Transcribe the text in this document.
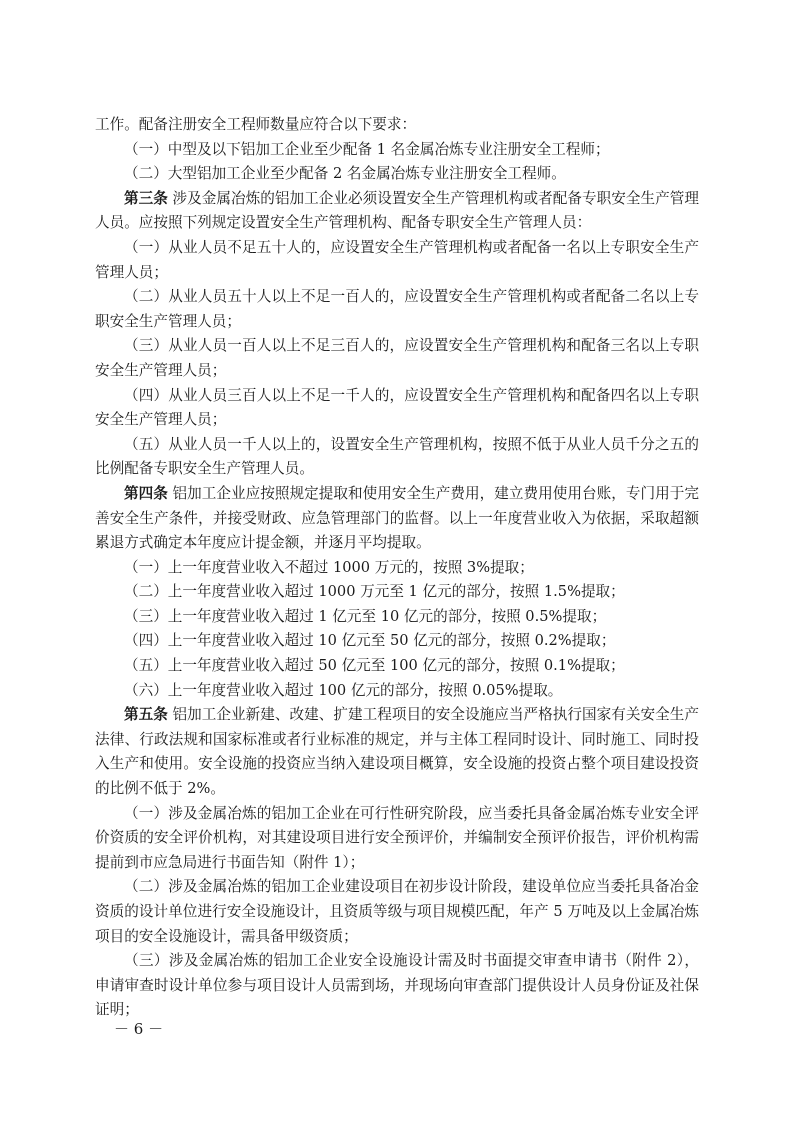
工作。配备注册安全工程师数量应符合以下要求：

（一）中型及以下铝加工企业至少配备 1 名金属冶炼专业注册安全工程师；

（二）大型铝加工企业至少配备 2 名金属冶炼专业注册安全工程师。

第三条 涉及金属冶炼的铝加工企业必须设置安全生产管理机构或者配备专职安全生产管理人员。应按照下列规定设置安全生产管理机构、配备专职安全生产管理人员：

（一）从业人员不足五十人的，应设置安全生产管理机构或者配备一名以上专职安全生产管理人员；

（二）从业人员五十人以上不足一百人的，应设置安全生产管理机构或者配备二名以上专职安全生产管理人员；

（三）从业人员一百人以上不足三百人的，应设置安全生产管理机构和配备三名以上专职安全生产管理人员；

（四）从业人员三百人以上不足一千人的，应设置安全生产管理机构和配备四名以上专职安全生产管理人员；

（五）从业人员一千人以上的，设置安全生产管理机构，按照不低于从业人员千分之五的比例配备专职安全生产管理人员。

第四条 铝加工企业应按照规定提取和使用安全生产费用，建立费用使用台账，专门用于完善安全生产条件，并接受财政、应急管理部门的监督。以上一年度营业收入为依据，采取超额累退方式确定本年度应计提金额，并逐月平均提取。

（一）上一年度营业收入不超过 1000 万元的，按照 3%提取；

（二）上一年度营业收入超过 1000 万元至 1 亿元的部分，按照 1.5%提取；

（三）上一年度营业收入超过 1 亿元至 10 亿元的部分，按照 0.5%提取；

（四）上一年度营业收入超过 10 亿元至 50 亿元的部分，按照 0.2%提取；

（五）上一年度营业收入超过 50 亿元至 100 亿元的部分，按照 0.1%提取；

（六）上一年度营业收入超过 100 亿元的部分，按照 0.05%提取。

第五条 铝加工企业新建、改建、扩建工程项目的安全设施应当严格执行国家有关安全生产法律、行政法规和国家标准或者行业标准的规定，并与主体工程同时设计、同时施工、同时投入生产和使用。安全设施的投资应当纳入建设项目概算，安全设施的投资占整个项目建设投资的比例不低于 2%。

（一）涉及金属冶炼的铝加工企业在可行性研究阶段，应当委托具备金属冶炼专业安全评价资质的安全评价机构，对其建设项目进行安全预评价，并编制安全预评价报告，评价机构需提前到市应急局进行书面告知（附件 1）；

（二）涉及金属冶炼的铝加工企业建设项目在初步设计阶段，建设单位应当委托具备冶金资质的设计单位进行安全设施设计，且资质等级与项目规模匹配，年产 5 万吨及以上金属冶炼项目的安全设施设计，需具备甲级资质；

（三）涉及金属冶炼的铝加工企业安全设施设计需及时书面提交审查申请书（附件 2），申请审查时设计单位参与项目设计人员需到场，并现场向审查部门提供设计人员身份证及社保证明；

－ 6 －
